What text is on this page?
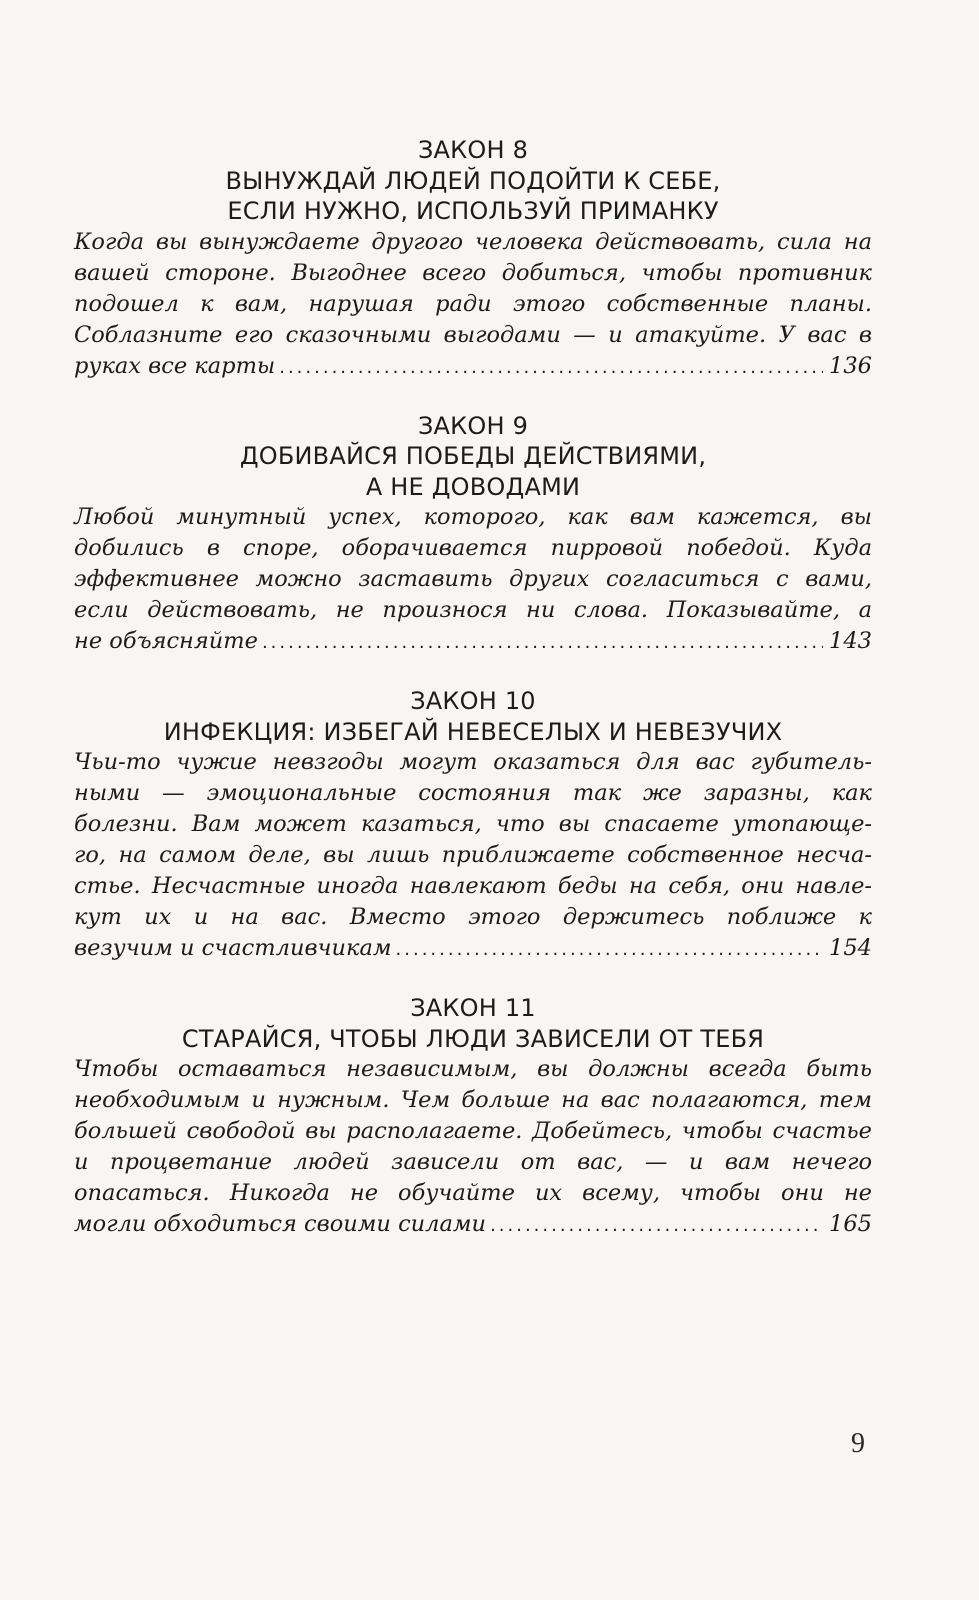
ЗАКОН 8

ВЫНУЖДАЙ ЛЮДЕЙ ПОДОЙТИ К СЕБЕ,

ЕСЛИ НУЖНО, ИСПОЛЬЗУЙ ПРИМАНКУ

Когда вы вынуждаете другого человека действовать, сила на
вашей стороне. Выгоднее всего добиться, чтобы противник
подошел к вам, нарушая ради этого собственные планы.
Соблазните его сказочными выгодами — и атакуйте. У вас в
руках все карты .....	136

ЗАКОН 9

ДОБИВАЙСЯ ПОБЕДЫ ДЕЙСТВИЯМИ,

А НЕ ДОВОДАМИ

Любой минутный успех, которого, как вам кажется, вы
добились в споре, оборачивается пирровой победой. Куда
эффективнее можно заставить других согласиться с вами,
если действовать, не произнося ни слова. Показывайте, а
не объясняйте .....	143

ЗАКОН 10

ИНФЕКЦИЯ: ИЗБЕГАЙ НЕВЕСЕЛЫХ И НЕВЕЗУЧИХ

Чьи-то чужие невзгоды могут оказаться для вас губитель-
ными — эмоциональные состояния так же заразны, как
болезни. Вам может казаться, что вы спасаете утопающе-
го, на самом деле, вы лишь приближаете собственное несча-
стье. Несчастные иногда навлекают беды на себя, они навле-
кут их и на вас. Вместо этого держитесь поближе к
везучим и счастливчикам .....	154

ЗАКОН 11

СТАРАЙСЯ, ЧТОБЫ ЛЮДИ ЗАВИСЕЛИ ОТ ТЕБЯ

Чтобы оставаться независимым, вы должны всегда быть
необходимым и нужным. Чем больше на вас полагаются, тем
большей свободой вы располагаете. Добейтесь, чтобы счастье
и процветание людей зависели от вас, — и вам нечего
опасаться. Никогда не обучайте их всему, чтобы они не
могли обходиться своими силами .....	165
9
